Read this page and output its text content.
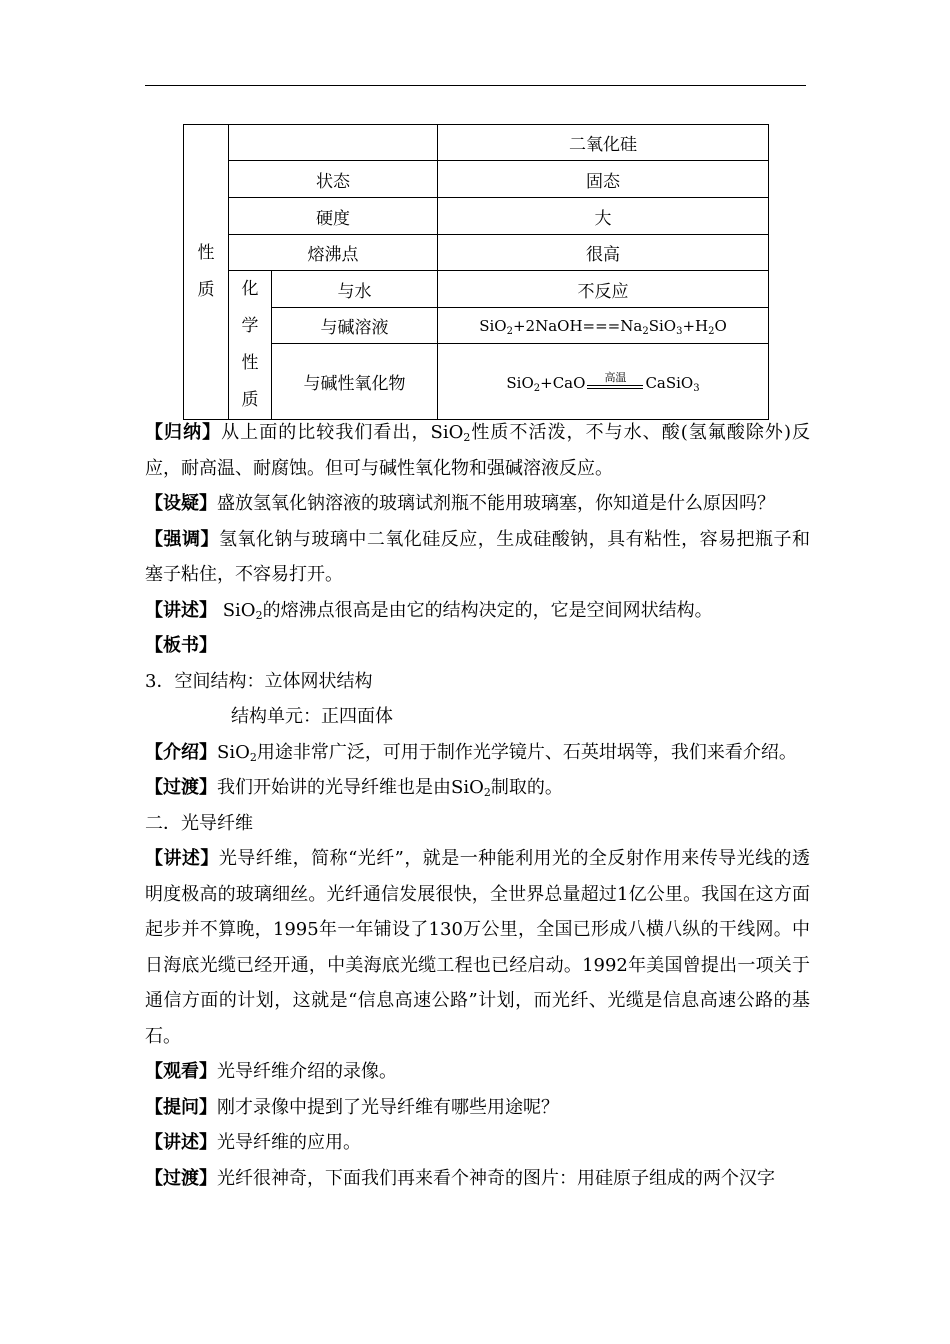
性
质			二氧化硅
	状态		固态
	硬度		大
	熔沸点		很高

	化
学
性
质	与水	不反应
		与碱溶液	$SiO_2+2NaOH===Na_2SiO_3+H_2O$
		与碱性氧化物	SiO$_2$+CaO 高温 CaSiO$_3$

【归纳】从上面的比较我们看出，SiO$_2$性质不活泼，不与水、酸(氢氟酸除外)反应，耐高温、耐腐蚀。但可与碱性氧化物和强碱溶液反应。

【设疑】盛放氢氧化钠溶液的玻璃试剂瓶不能用玻璃塞，你知道是什么原因吗？

【强调】氢氧化钠与玻璃中二氧化硅反应，生成硅酸钠，具有粘性，容易把瓶子和塞子粘住，不容易打开。

【讲述】 SiO$_2$的熔沸点很高是由它的结构决定的，它是空间网状结构。

【板书】

3．空间结构：立体网状结构

结构单元：正四面体

【介绍】SiO$_2$用途非常广泛，可用于制作光学镜片、石英坩埚等，我们来看介绍。

【过渡】我们开始讲的光导纤维也是由SiO$_2$制取的。

二．光导纤维

【讲述】光导纤维，简称“光纤”，就是一种能利用光的全反射作用来传导光线的透明度极高的玻璃细丝。光纤通信发展很快，全世界总量超过1亿公里。我国在这方面起步并不算晚，1995年一年铺设了130万公里，全国已形成八横八纵的干线网。中日海底光缆已经开通，中美海底光缆工程也已经启动。1992年美国曾提出一项关于通信方面的计划，这就是“信息高速公路”计划，而光纤、光缆是信息高速公路的基石。

【观看】光导纤维介绍的录像。

【提问】刚才录像中提到了光导纤维有哪些用途呢？

【讲述】光导纤维的应用。

【过渡】光纤很神奇，下面我们再来看个神奇的图片：用硅原子组成的两个汉字
